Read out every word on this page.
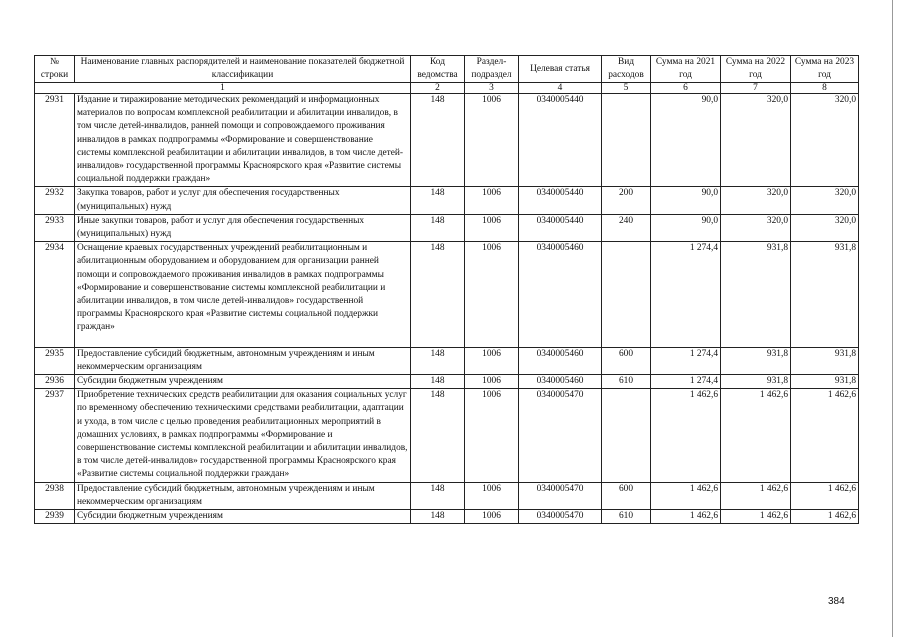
№ строки	Наименование главных распорядителей и наименование показателей бюджетной классификации	Код ведомства	Раздел-подраздел	Целевая статья	Вид расходов	Сумма на 2021 год	Сумма на 2022 год	Сумма на 2023 год
1		2	3	4	5	6	7	8
2931	Издание и тиражирование методических рекомендаций и информационных материалов по вопросам комплексной реабилитации и абилитации инвалидов, в том числе детей-инвалидов, ранней помощи и сопровождаемого проживания инвалидов в рамках подпрограммы «Формирование и совершенствование системы комплексной реабилитации и абилитации инвалидов, в том числе детей-инвалидов» государственной программы Красноярского края «Развитие системы социальной поддержки граждан»	148	1006	0340005440		90,0	320,0	320,0
2932	Закупка товаров, работ и услуг для обеспечения государственных (муниципальных) нужд	148	1006	0340005440	200	90,0	320,0	320,0
2933	Иные закупки товаров, работ и услуг для обеспечения государственных (муниципальных) нужд	148	1006	0340005440	240	90,0	320,0	320,0
2934	Оснащение краевых государственных учреждений реабилитационным и абилитационным оборудованием и оборудованием для организации ранней помощи и сопровождаемого проживания инвалидов в рамках подпрограммы «Формирование и совершенствование системы комплексной реабилитации и абилитации инвалидов, в том числе детей-инвалидов» государственной программы Красноярского края «Развитие системы социальной поддержки граждан»	148	1006	0340005460		1 274,4	931,8	931,8
2935	Предоставление субсидий бюджетным, автономным учреждениям и иным некоммерческим организациям	148	1006	0340005460	600	1 274,4	931,8	931,8
2936	Субсидии бюджетным учреждениям	148	1006	0340005460	610	1 274,4	931,8	931,8
2937	Приобретение технических средств реабилитации для оказания социальных услуг по временному обеспечению техническими средствами реабилитации, адаптации и ухода, в том числе с целью проведения реабилитационных мероприятий в домашних условиях, в рамках подпрограммы «Формирование и совершенствование системы комплексной реабилитации и абилитации инвалидов, в том числе детей-инвалидов» государственной программы Красноярского края «Развитие системы социальной поддержки граждан»	148	1006	0340005470		1 462,6	1 462,6	1 462,6
2938	Предоставление субсидий бюджетным, автономным учреждениям и иным некоммерческим организациям	148	1006	0340005470	600	1 462,6	1 462,6	1 462,6
2939	Субсидии бюджетным учреждениям	148	1006	0340005470	610	1 462,6	1 462,6	1 462,6
384
